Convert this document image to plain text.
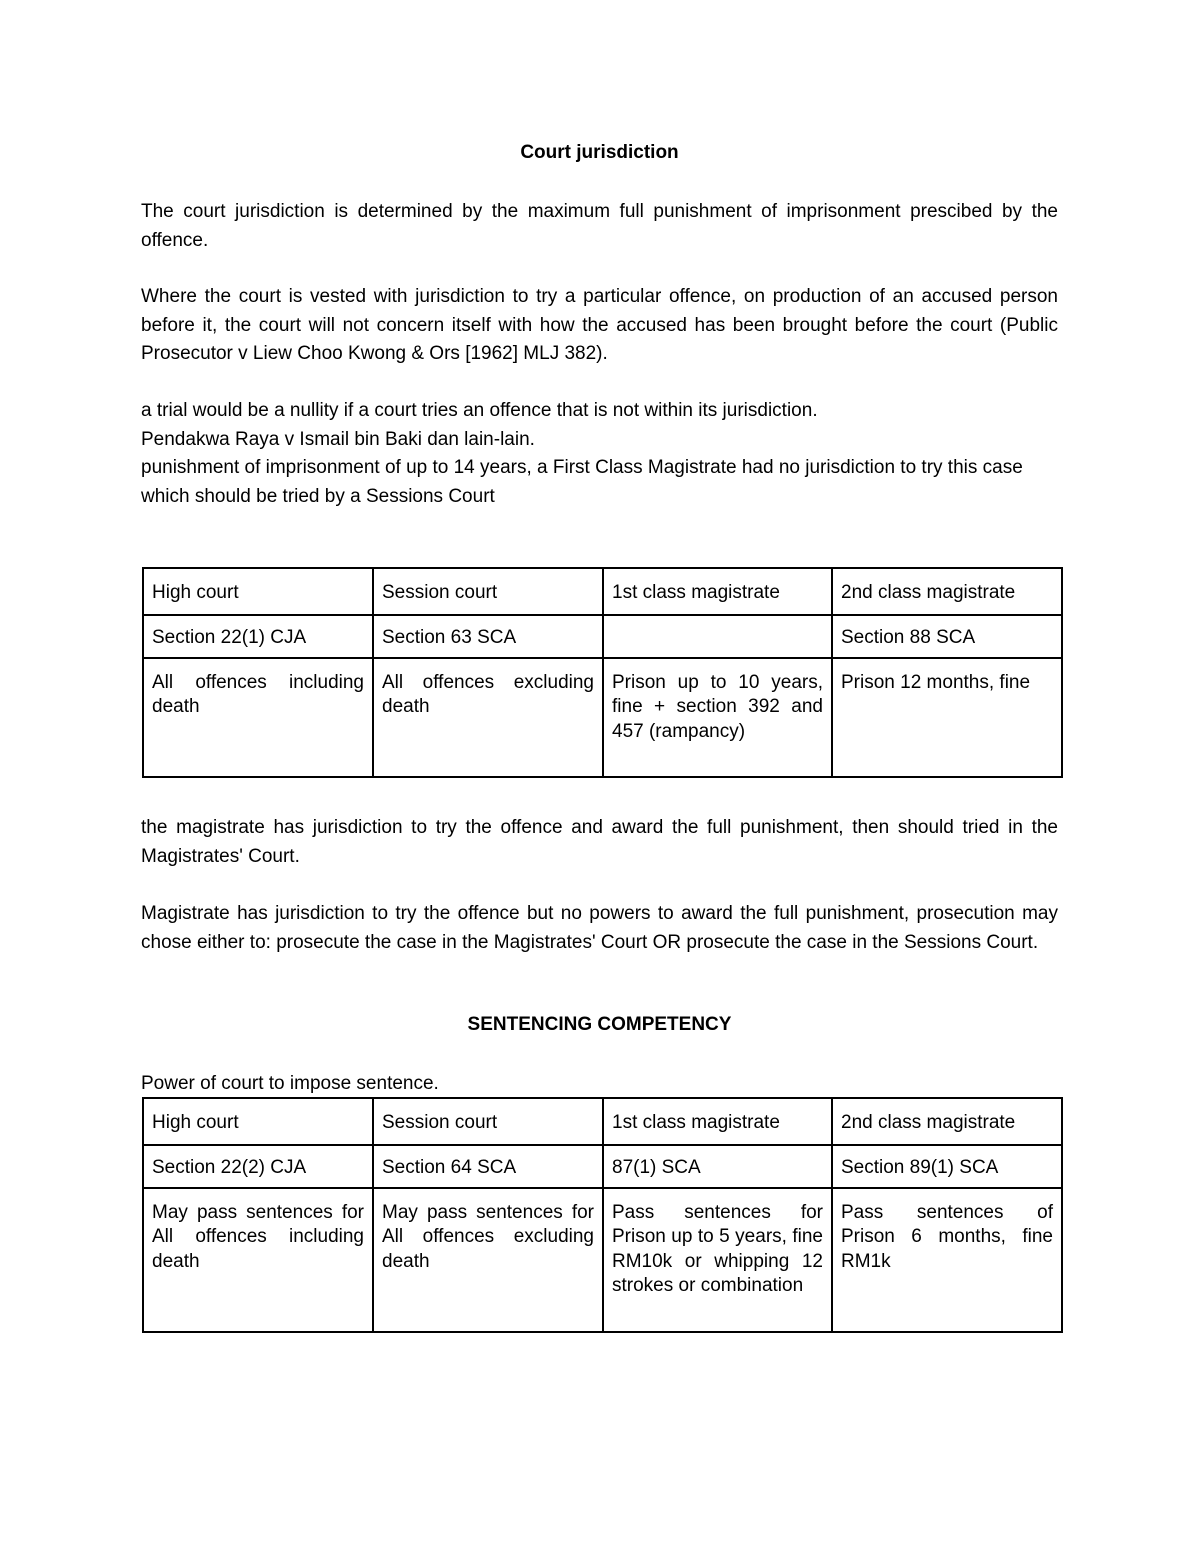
Court jurisdiction

The court jurisdiction is determined by the maximum full punishment of imprisonment prescibed by the offence.

Where the court is vested with jurisdiction to try a particular offence, on production of an accused person before it, the court will not concern itself with how the accused has been brought before the court (Public Prosecutor v Liew Choo Kwong & Ors [1962] MLJ 382).

a trial would be a nullity if a court tries an offence that is not within its jurisdiction.
Pendakwa Raya v Ismail bin Baki dan lain-lain.
punishment of imprisonment of up to 14 years, a First Class Magistrate had no jurisdiction to try this case which should be tried by a Sessions Court
High court	Session court	1st class magistrate	2nd class magistrate
Section 22(1) CJA	Section 63 SCA		Section 88 SCA
All offences including death	All offences excluding death	Prison up to 10 years, fine + section 392 and 457 (rampancy)	Prison 12 months, fine

the magistrate has jurisdiction to try the offence and award the full punishment, then should tried in the Magistrates' Court.

Magistrate has jurisdiction to try the offence but no powers to award the full punishment, prosecution may chose either to: prosecute the case in the Magistrates' Court OR prosecute the case in the Sessions Court.

SENTENCING COMPETENCY

Power of court to impose sentence.

High court	Session court	1st class magistrate	2nd class magistrate
Section 22(2) CJA	Section 64 SCA	87(1) SCA	Section 89(1) SCA
May pass sentences for All offences including death	May pass sentences for All offences excluding death	Pass sentences for Prison up to 5 years, fine RM10k or whipping 12 strokes or combination	Pass sentences of Prison 6 months, fine RM1k
